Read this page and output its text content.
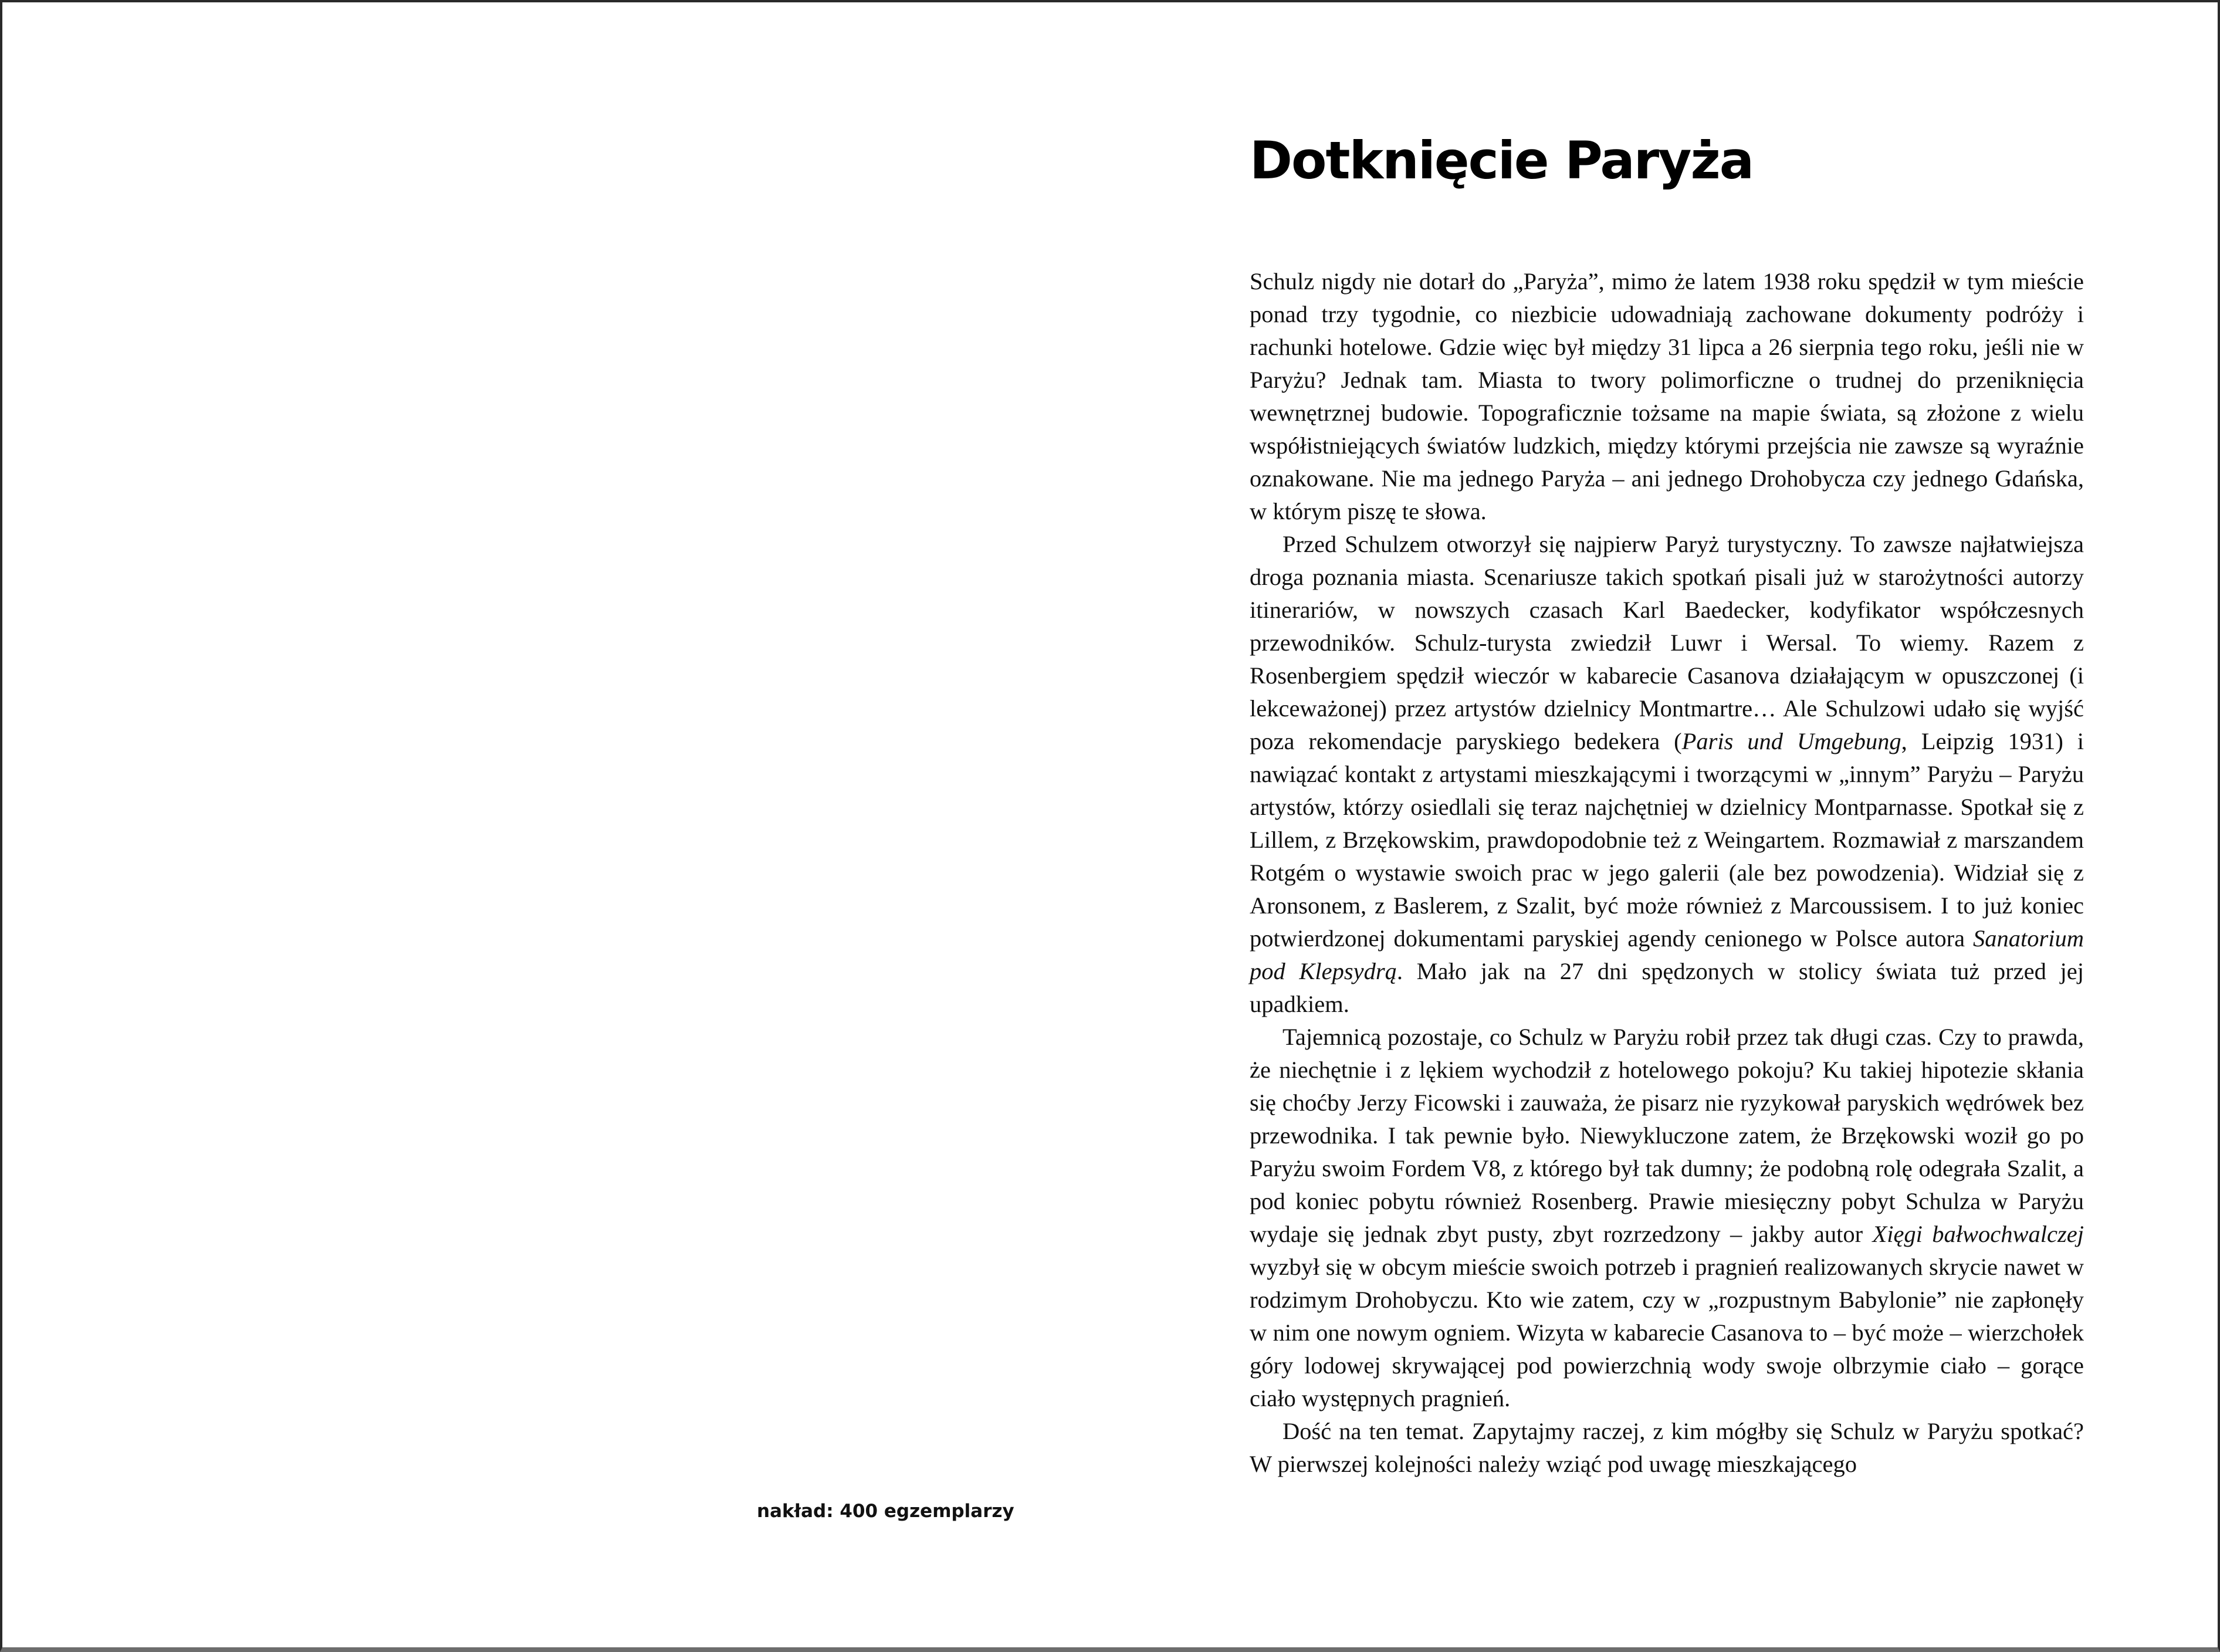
nakład: 400 egzemplarzy
Dotknięcie Paryża

Schulz nigdy nie dotarł do „Paryża”, mimo że latem 1938 roku spędził w tym mieście ponad trzy tygodnie, co niezbicie udowadniają zachowane dokumenty podróży i rachunki hotelowe. Gdzie więc był między 31 lipca a 26 sierpnia tego roku, jeśli nie w Paryżu? Jednak tam. Miasta to twory polimorficzne o trudnej do przeniknięcia wewnętrznej budowie. Topograficznie tożsame na mapie świata, są złożone z wielu współistniejących światów ludzkich, między którymi przejścia nie zawsze są wyraźnie oznakowane. Nie ma jednego Paryża – ani jednego Drohobycza czy jednego Gdańska, w którym piszę te słowa.

Przed Schulzem otworzył się najpierw Paryż turystyczny. To zawsze najłatwiejsza droga poznania miasta. Scenariusze takich spotkań pisali już w starożytności autorzy itinerariów, w nowszych czasach Karl Baedecker, kodyfikator współczesnych przewodników. Schulz-turysta zwiedził Luwr i Wersal. To wiemy. Razem z Rosenbergiem spędził wieczór w kabarecie Casanova działającym w opuszczonej (i lekceważonej) przez artystów dzielnicy Montmartre… Ale Schulzowi udało się wyjść poza rekomendacje paryskiego bedekera (Paris und Umgebung, Leipzig 1931) i nawiązać kontakt z artystami mieszkającymi i tworzącymi w „innym” Paryżu – Paryżu artystów, którzy osiedlali się teraz najchętniej w dzielnicy Montparnasse. Spotkał się z Lillem, z Brzękowskim, prawdopodobnie też z Weingartem. Rozmawiał z marszandem Rotgém o wystawie swoich prac w jego galerii (ale bez powodzenia). Widział się z Aronsonem, z Baslerem, z Szalit, być może również z Marcoussisem. I to już koniec potwierdzonej dokumentami paryskiej agendy cenionego w Polsce autora Sanatorium pod Klepsydrą. Mało jak na 27 dni spędzonych w stolicy świata tuż przed jej upadkiem.

Tajemnicą pozostaje, co Schulz w Paryżu robił przez tak długi czas. Czy to prawda, że niechętnie i z lękiem wychodził z hotelowego pokoju? Ku takiej hipotezie skłania się choćby Jerzy Ficowski i zauważa, że pisarz nie ryzykował paryskich wędrówek bez przewodnika. I tak pewnie było. Niewykluczone zatem, że Brzękowski woził go po Paryżu swoim Fordem V8, z którego był tak dumny; że podobną rolę odegrała Szalit, a pod koniec pobytu również Rosenberg. Prawie miesięczny pobyt Schulza w Paryżu wydaje się jednak zbyt pusty, zbyt rozrzedzony – jakby autor Xięgi bałwochwalczej wyzbył się w obcym mieście swoich potrzeb i pragnień realizowanych skrycie nawet w rodzimym Drohobyczu. Kto wie zatem, czy w „rozpustnym Babylonie” nie zapłonęły w nim one nowym ogniem. Wizyta w kabarecie Casanova to – być może – wierzchołek góry lodowej skrywającej pod powierzchnią wody swoje olbrzymie ciało – gorące ciało występnych pragnień.

Dość na ten temat. Zapytajmy raczej, z kim mógłby się Schulz w Paryżu spotkać? W pierwszej kolejności należy wziąć pod uwagę mieszkającego
